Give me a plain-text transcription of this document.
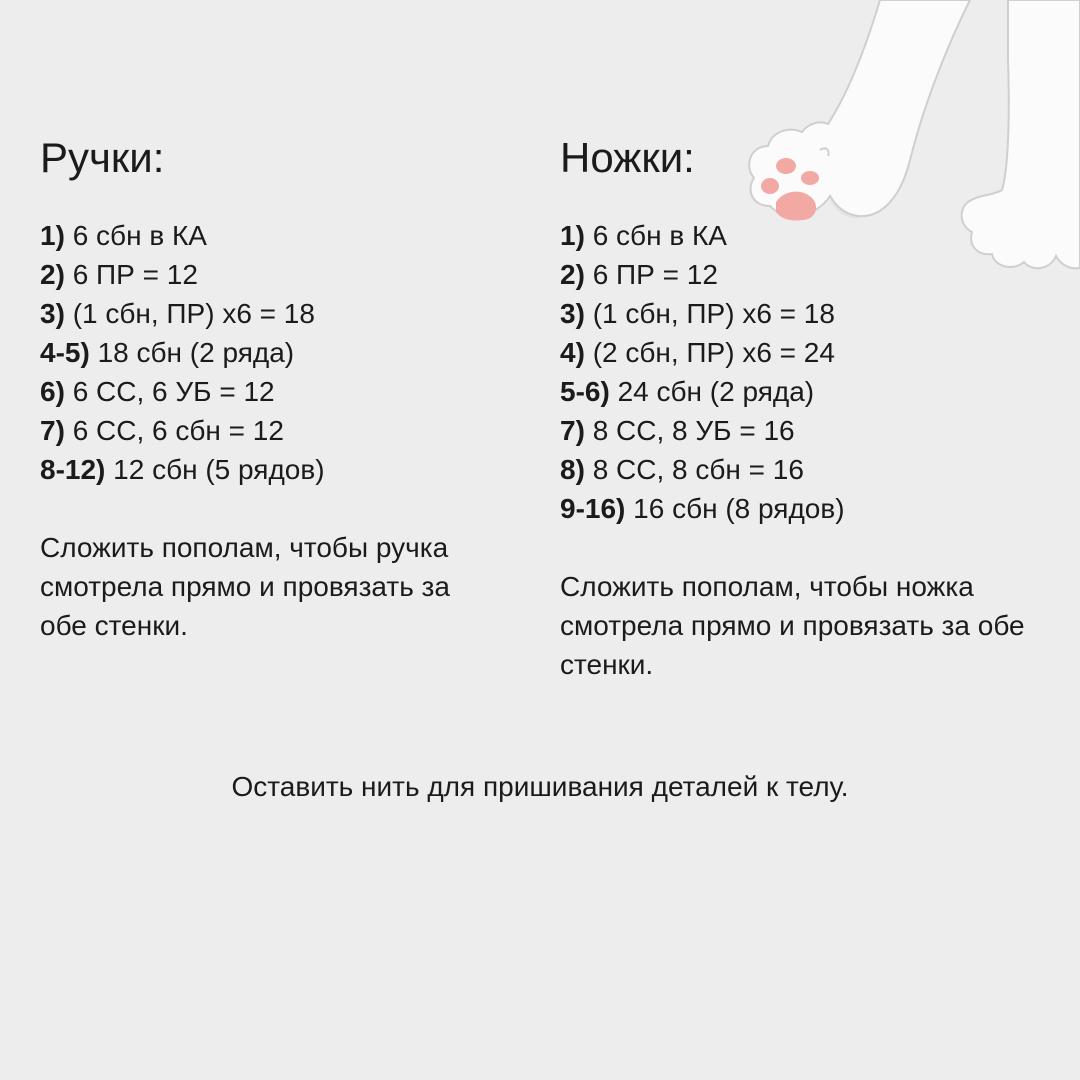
Ручки:
1) 6 сбн в КА
2) 6 ПР = 12
3) (1 сбн, ПР) х6 = 18
4-5) 18 сбн (2 ряда)
6) 6 СС, 6 УБ = 12
7) 6 СС, 6 сбн = 12
8-12) 12 сбн (5 рядов)

Сложить пополам, чтобы ручка
смотрела прямо и провязать за
обе стенки.

Ножки:
1) 6 сбн в КА
2) 6 ПР = 12
3) (1 сбн, ПР) х6 = 18
4) (2 сбн, ПР) х6 = 24
5-6) 24 сбн (2 ряда)
7) 8 СС, 8 УБ = 16
8) 8 СС, 8 сбн = 16
9-16) 16 сбн (8 рядов)

Сложить пополам, чтобы ножка
смотрела прямо и провязать за обе
стенки.

Оставить нить для пришивания деталей к телу.
